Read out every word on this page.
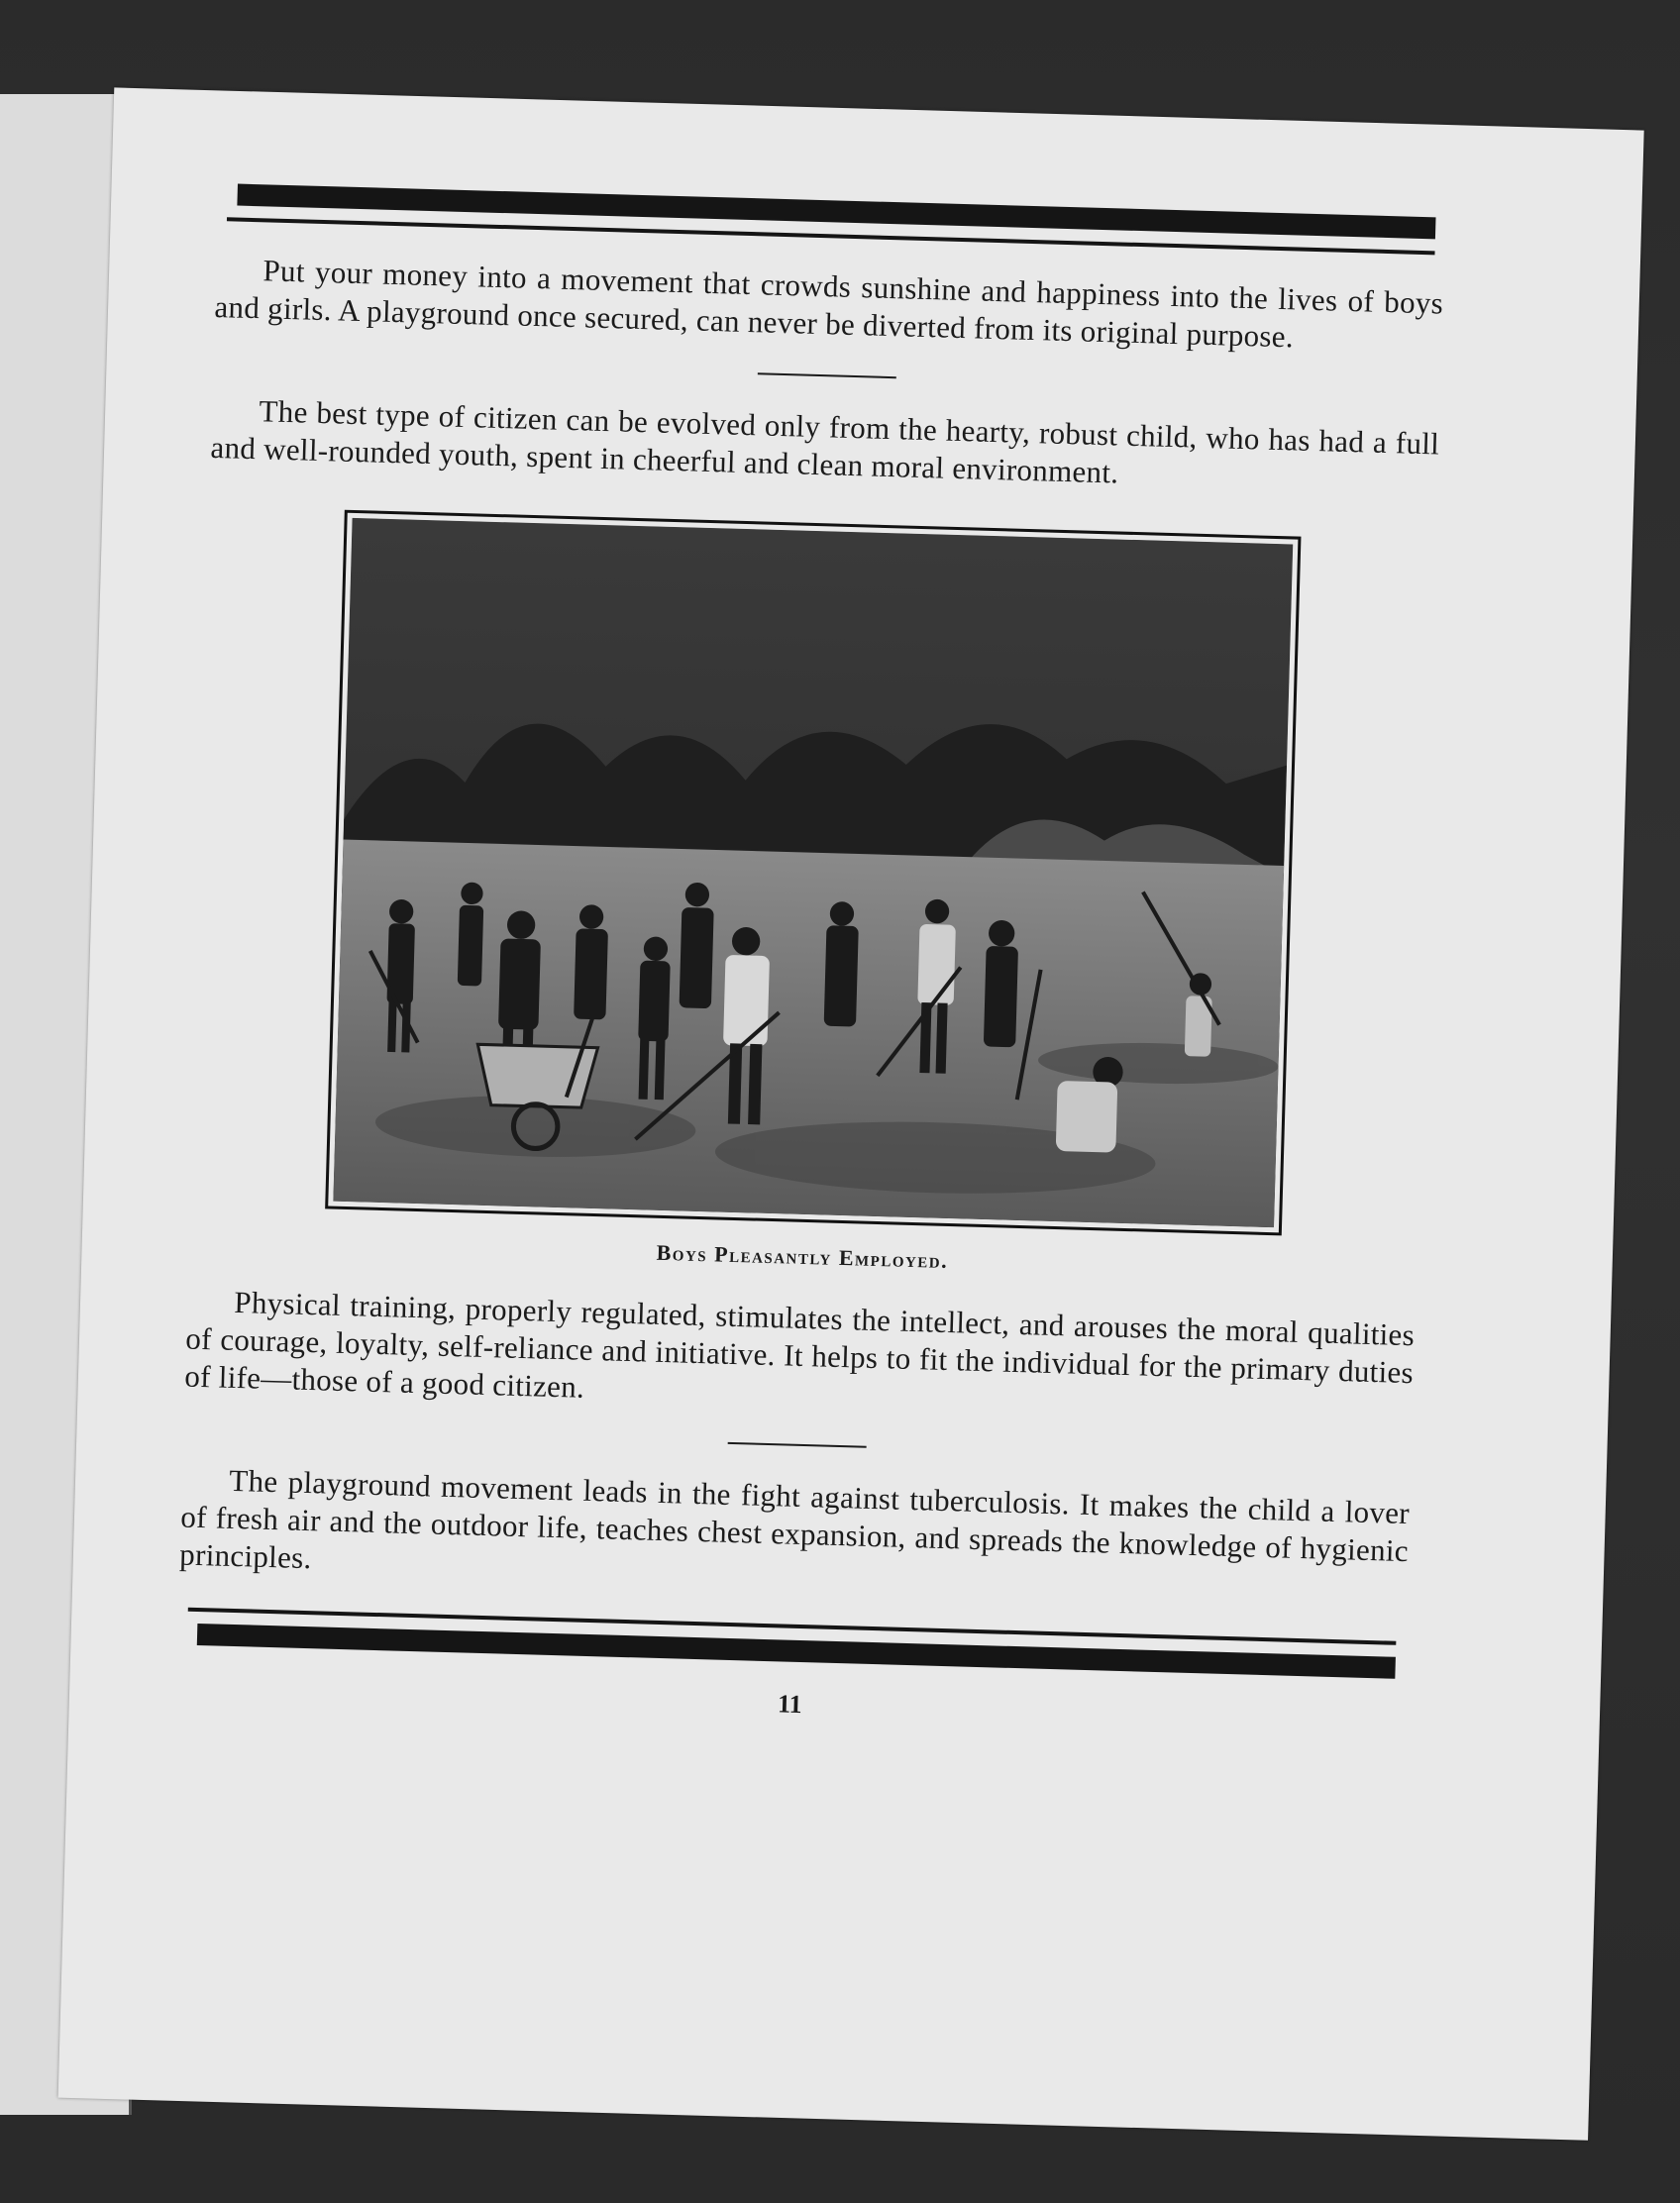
Put your money into a movement that crowds sunshine and happiness into the lives of boys and girls. A playground once secured, can never be diverted from its original purpose.

The best type of citizen can be evolved only from the hearty, robust child, who has had a full and well-rounded youth, spent in cheerful and clean moral environment.

Boys Pleasantly Employed.

Physical training, properly regulated, stimulates the intellect, and arouses the moral qualities of courage, loyalty, self-reliance and initiative. It helps to fit the individual for the primary duties of life—those of a good citizen.

The playground movement leads in the fight against tuberculosis. It makes the child a lover of fresh air and the outdoor life, teaches chest expansion, and spreads the knowledge of hygienic principles.

11
